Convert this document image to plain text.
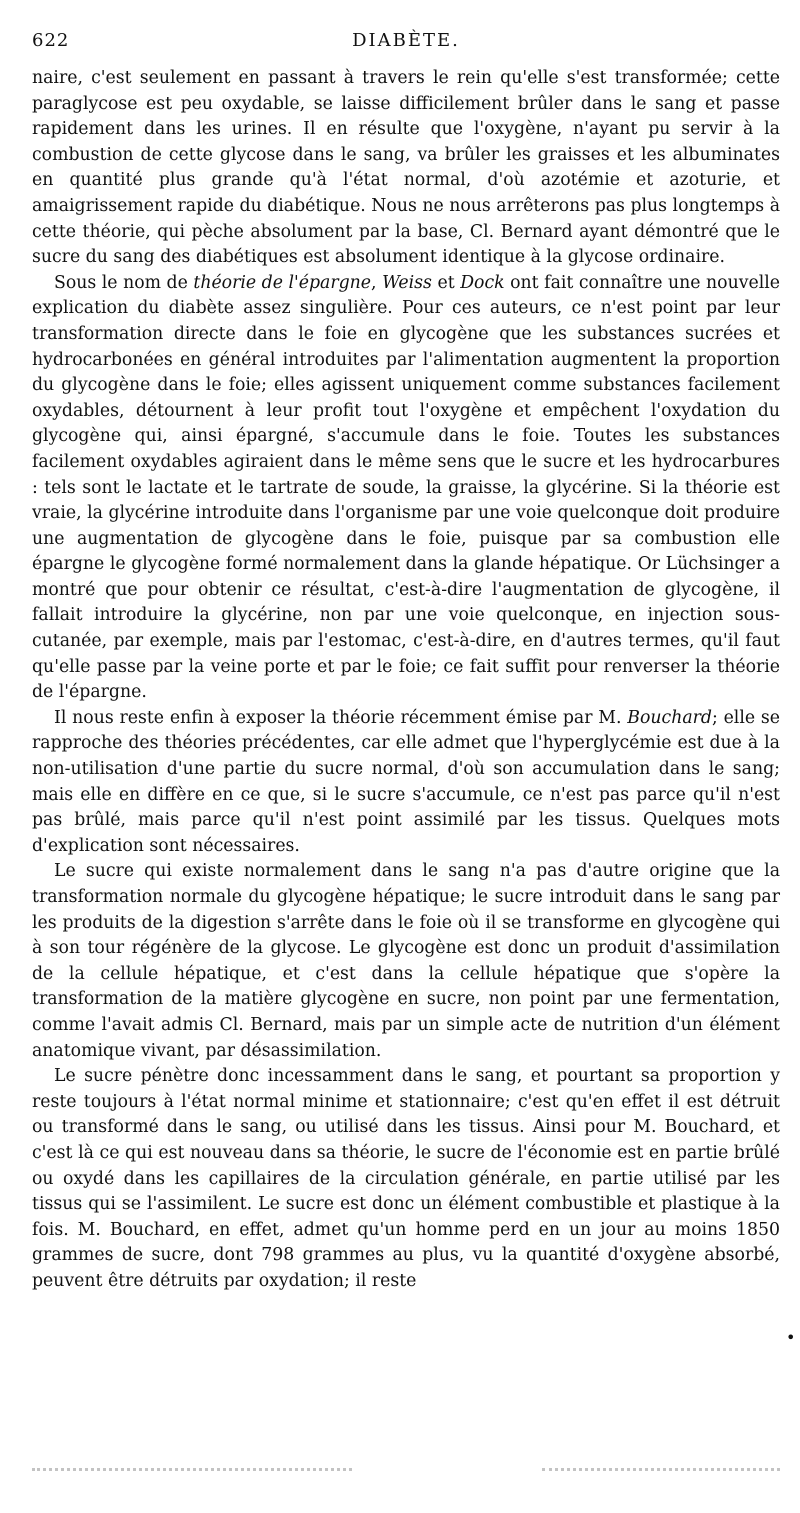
622	DIABÈTE.

naire, c'est seulement en passant à travers le rein qu'elle s'est transformée; cette paraglycose est peu oxydable, se laisse difficilement brûler dans le sang et passe rapidement dans les urines. Il en résulte que l'oxygène, n'ayant pu servir à la combustion de cette glycose dans le sang, va brûler les graisses et les albuminates en quantité plus grande qu'à l'état normal, d'où azotémie et azoturie, et amaigrissement rapide du diabétique. Nous ne nous arrêterons pas plus longtemps à cette théorie, qui pèche absolument par la base, Cl. Bernard ayant démontré que le sucre du sang des diabétiques est absolument identique à la glycose ordinaire.

Sous le nom de théorie de l'épargne, Weiss et Dock ont fait connaître une nouvelle explication du diabète assez singulière. Pour ces auteurs, ce n'est point par leur transformation directe dans le foie en glycogène que les substances sucrées et hydrocarbonées en général introduites par l'alimentation augmentent la proportion du glycogène dans le foie; elles agissent uniquement comme substances facilement oxydables, détournent à leur profit tout l'oxygène et empêchent l'oxydation du glycogène qui, ainsi épargné, s'accumule dans le foie. Toutes les substances facilement oxydables agiraient dans le même sens que le sucre et les hydrocarbures : tels sont le lactate et le tartrate de soude, la graisse, la glycérine. Si la théorie est vraie, la glycérine introduite dans l'organisme par une voie quelconque doit produire une augmentation de glycogène dans le foie, puisque par sa combustion elle épargne le glycogène formé normalement dans la glande hépatique. Or Lüchsinger a montré que pour obtenir ce résultat, c'est-à-dire l'augmentation de glycogène, il fallait introduire la glycérine, non par une voie quelconque, en injection sous-cutanée, par exemple, mais par l'estomac, c'est-à-dire, en d'autres termes, qu'il faut qu'elle passe par la veine porte et par le foie; ce fait suffit pour renverser la théorie de l'épargne.

Il nous reste enfin à exposer la théorie récemment émise par M. Bouchard; elle se rapproche des théories précédentes, car elle admet que l'hyperglycémie est due à la non-utilisation d'une partie du sucre normal, d'où son accumulation dans le sang; mais elle en diffère en ce que, si le sucre s'accumule, ce n'est pas parce qu'il n'est pas brûlé, mais parce qu'il n'est point assimilé par les tissus. Quelques mots d'explication sont nécessaires.

Le sucre qui existe normalement dans le sang n'a pas d'autre origine que la transformation normale du glycogène hépatique; le sucre introduit dans le sang par les produits de la digestion s'arrête dans le foie où il se transforme en glycogène qui à son tour régénère de la glycose. Le glycogène est donc un produit d'assimilation de la cellule hépatique, et c'est dans la cellule hépatique que s'opère la transformation de la matière glycogène en sucre, non point par une fermentation, comme l'avait admis Cl. Bernard, mais par un simple acte de nutrition d'un élément anatomique vivant, par désassimilation.

Le sucre pénètre donc incessamment dans le sang, et pourtant sa proportion y reste toujours à l'état normal minime et stationnaire; c'est qu'en effet il est détruit ou transformé dans le sang, ou utilisé dans les tissus. Ainsi pour M. Bouchard, et c'est là ce qui est nouveau dans sa théorie, le sucre de l'économie est en partie brûlé ou oxydé dans les capillaires de la circulation générale, en partie utilisé par les tissus qui se l'assimilent. Le sucre est donc un élément combustible et plastique à la fois. M. Bouchard, en effet, admet qu'un homme perd en un jour au moins 1850 grammes de sucre, dont 798 grammes au plus, vu la quantité d'oxygène absorbé, peuvent être détruits par oxydation; il reste

•
